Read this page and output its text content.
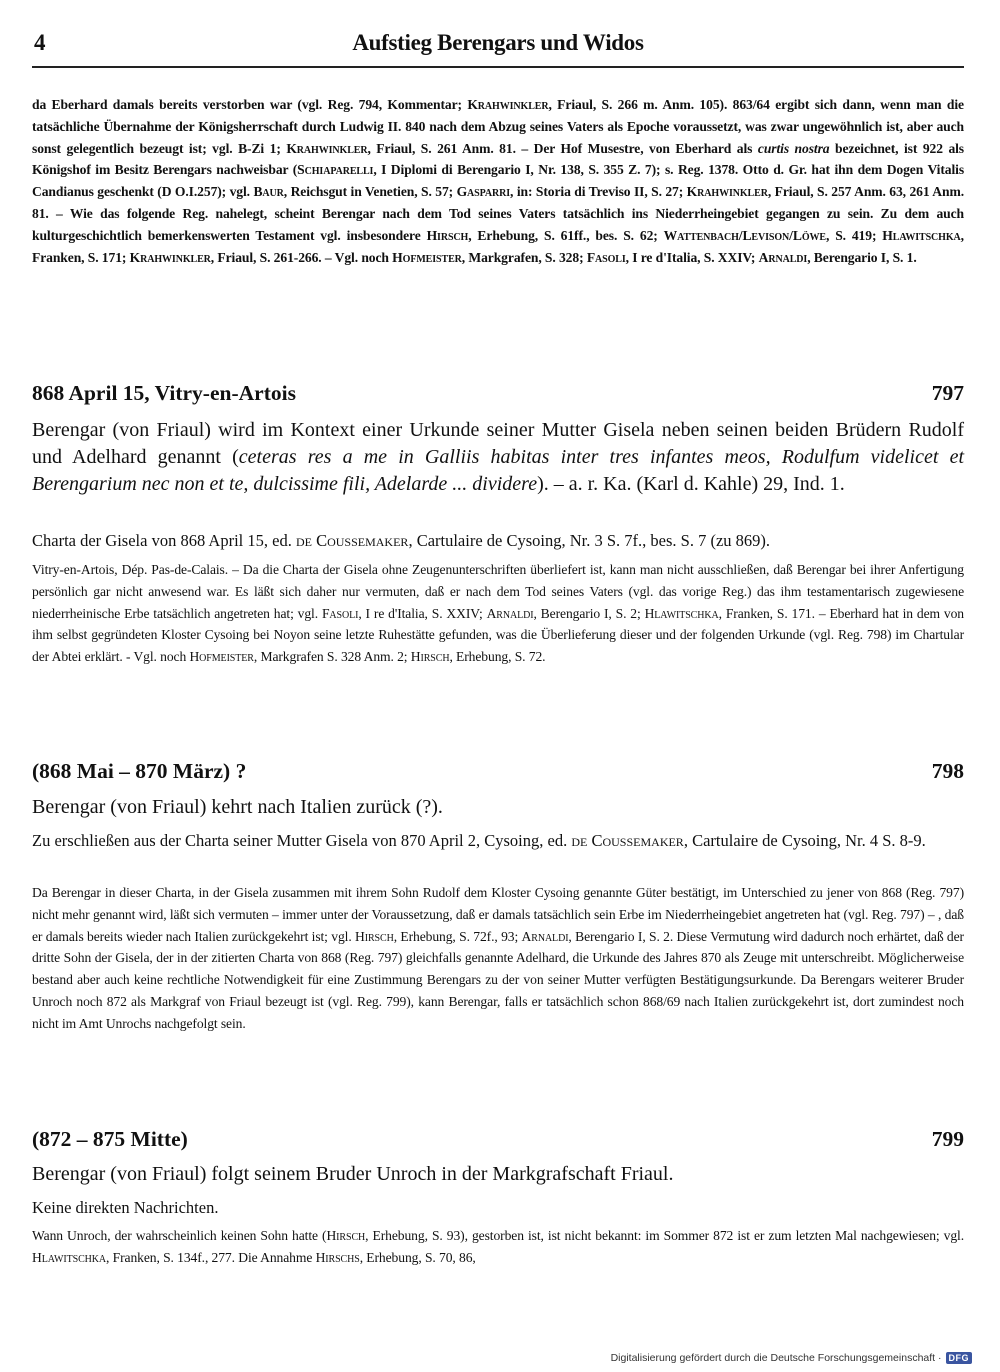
4	Aufstieg Berengars und Widos

da Eberhard damals bereits verstorben war (vgl. Reg. 794, Kommentar; Krahwinkler, Friaul, S. 266 m. Anm. 105). 863/64 ergibt sich dann, wenn man die tatsächliche Übernahme der Königsherrschaft durch Ludwig II. 840 nach dem Abzug seines Vaters als Epoche voraussetzt, was zwar ungewöhnlich ist, aber auch sonst gelegentlich bezeugt ist; vgl. B-Zi 1; Krahwinkler, Friaul, S. 261 Anm. 81. – Der Hof Musestre, von Eberhard als curtis nostra bezeichnet, ist 922 als Königshof im Besitz Berengars nachweisbar (Schiaparelli, I Diplomi di Berengario I, Nr. 138, S. 355 Z. 7); s. Reg. 1378. Otto d. Gr. hat ihn dem Dogen Vitalis Candianus geschenkt (D O.I.257); vgl. Baur, Reichsgut in Venetien, S. 57; Gasparri, in: Storia di Treviso II, S. 27; Krahwinkler, Friaul, S. 257 Anm. 63, 261 Anm. 81. – Wie das folgende Reg. nahelegt, scheint Berengar nach dem Tod seines Vaters tatsächlich ins Niederrheingebiet gegangen zu sein. Zu dem auch kulturgeschichtlich bemerkenswerten Testament vgl. insbesondere Hirsch, Erhebung, S. 61ff., bes. S. 62; Wattenbach/Levison/Löwe, S. 419; Hlawitschka, Franken, S. 171; Krahwinkler, Friaul, S. 261-266. – Vgl. noch Hofmeister, Markgrafen, S. 328; Fasoli, I re d'Italia, S. XXIV; Arnaldi, Berengario I, S. 1.

868 April 15, Vitry-en-Artois	797

Berengar (von Friaul) wird im Kontext einer Urkunde seiner Mutter Gisela neben seinen beiden Brüdern Rudolf und Adelhard genannt (ceteras res a me in Galliis habitas inter tres infantes meos, Rodulfum videlicet et Berengarium nec non et te, dulcissime fili, Adelarde ... dividere). – a. r. Ka. (Karl d. Kahle) 29, Ind. 1.

Charta der Gisela von 868 April 15, ed. de Coussemaker, Cartulaire de Cysoing, Nr. 3 S. 7f., bes. S. 7 (zu 869).

Vitry-en-Artois, Dép. Pas-de-Calais. – Da die Charta der Gisela ohne Zeugenunterschriften überliefert ist, kann man nicht ausschließen, daß Berengar bei ihrer Anfertigung persönlich gar nicht anwesend war. Es läßt sich daher nur vermuten, daß er nach dem Tod seines Vaters (vgl. das vorige Reg.) das ihm testamentarisch zugewiesene niederrheinische Erbe tatsächlich angetreten hat; vgl. Fasoli, I re d'Italia, S. XXIV; Arnaldi, Berengario I, S. 2; Hlawitschka, Franken, S. 171. – Eberhard hat in dem von ihm selbst gegründeten Kloster Cysoing bei Noyon seine letzte Ruhestätte gefunden, was die Überlieferung dieser und der folgenden Urkunde (vgl. Reg. 798) im Chartular der Abtei erklärt. - Vgl. noch Hofmeister, Markgrafen S. 328 Anm. 2; Hirsch, Erhebung, S. 72.

(868 Mai – 870 März) ?	798

Berengar (von Friaul) kehrt nach Italien zurück (?).

Zu erschließen aus der Charta seiner Mutter Gisela von 870 April 2, Cysoing, ed. de Coussemaker, Cartulaire de Cysoing, Nr. 4 S. 8-9.

Da Berengar in dieser Charta, in der Gisela zusammen mit ihrem Sohn Rudolf dem Kloster Cysoing genannte Güter bestätigt, im Unterschied zu jener von 868 (Reg. 797) nicht mehr genannt wird, läßt sich vermuten – immer unter der Voraussetzung, daß er damals tatsächlich sein Erbe im Niederrheingebiet angetreten hat (vgl. Reg. 797) – , daß er damals bereits wieder nach Italien zurückgekehrt ist; vgl. Hirsch, Erhebung, S. 72f., 93; Arnaldi, Berengario I, S. 2. Diese Vermutung wird dadurch noch erhärtet, daß der dritte Sohn der Gisela, der in der zitierten Charta von 868 (Reg. 797) gleichfalls genannte Adelhard, die Urkunde des Jahres 870 als Zeuge mit unterschreibt. Möglicherweise bestand aber auch keine rechtliche Notwendigkeit für eine Zustimmung Berengars zu der von seiner Mutter verfügten Bestätigungsurkunde. Da Berengars weiterer Bruder Unroch noch 872 als Markgraf von Friaul bezeugt ist (vgl. Reg. 799), kann Berengar, falls er tatsächlich schon 868/69 nach Italien zurückgekehrt ist, dort zumindest noch nicht im Amt Unrochs nachgefolgt sein.

(872 – 875 Mitte)	799

Berengar (von Friaul) folgt seinem Bruder Unroch in der Markgrafschaft Friaul.

Keine direkten Nachrichten.

Wann Unroch, der wahrscheinlich keinen Sohn hatte (Hirsch, Erhebung, S. 93), gestorben ist, ist nicht bekannt: im Sommer 872 ist er zum letzten Mal nachgewiesen; vgl. Hlawitschka, Franken, S. 134f., 277. Die Annahme Hirschs, Erhebung, S. 70, 86,

Digitalisierung gefördert durch die Deutsche Forschungsgemeinschaft · DFG
